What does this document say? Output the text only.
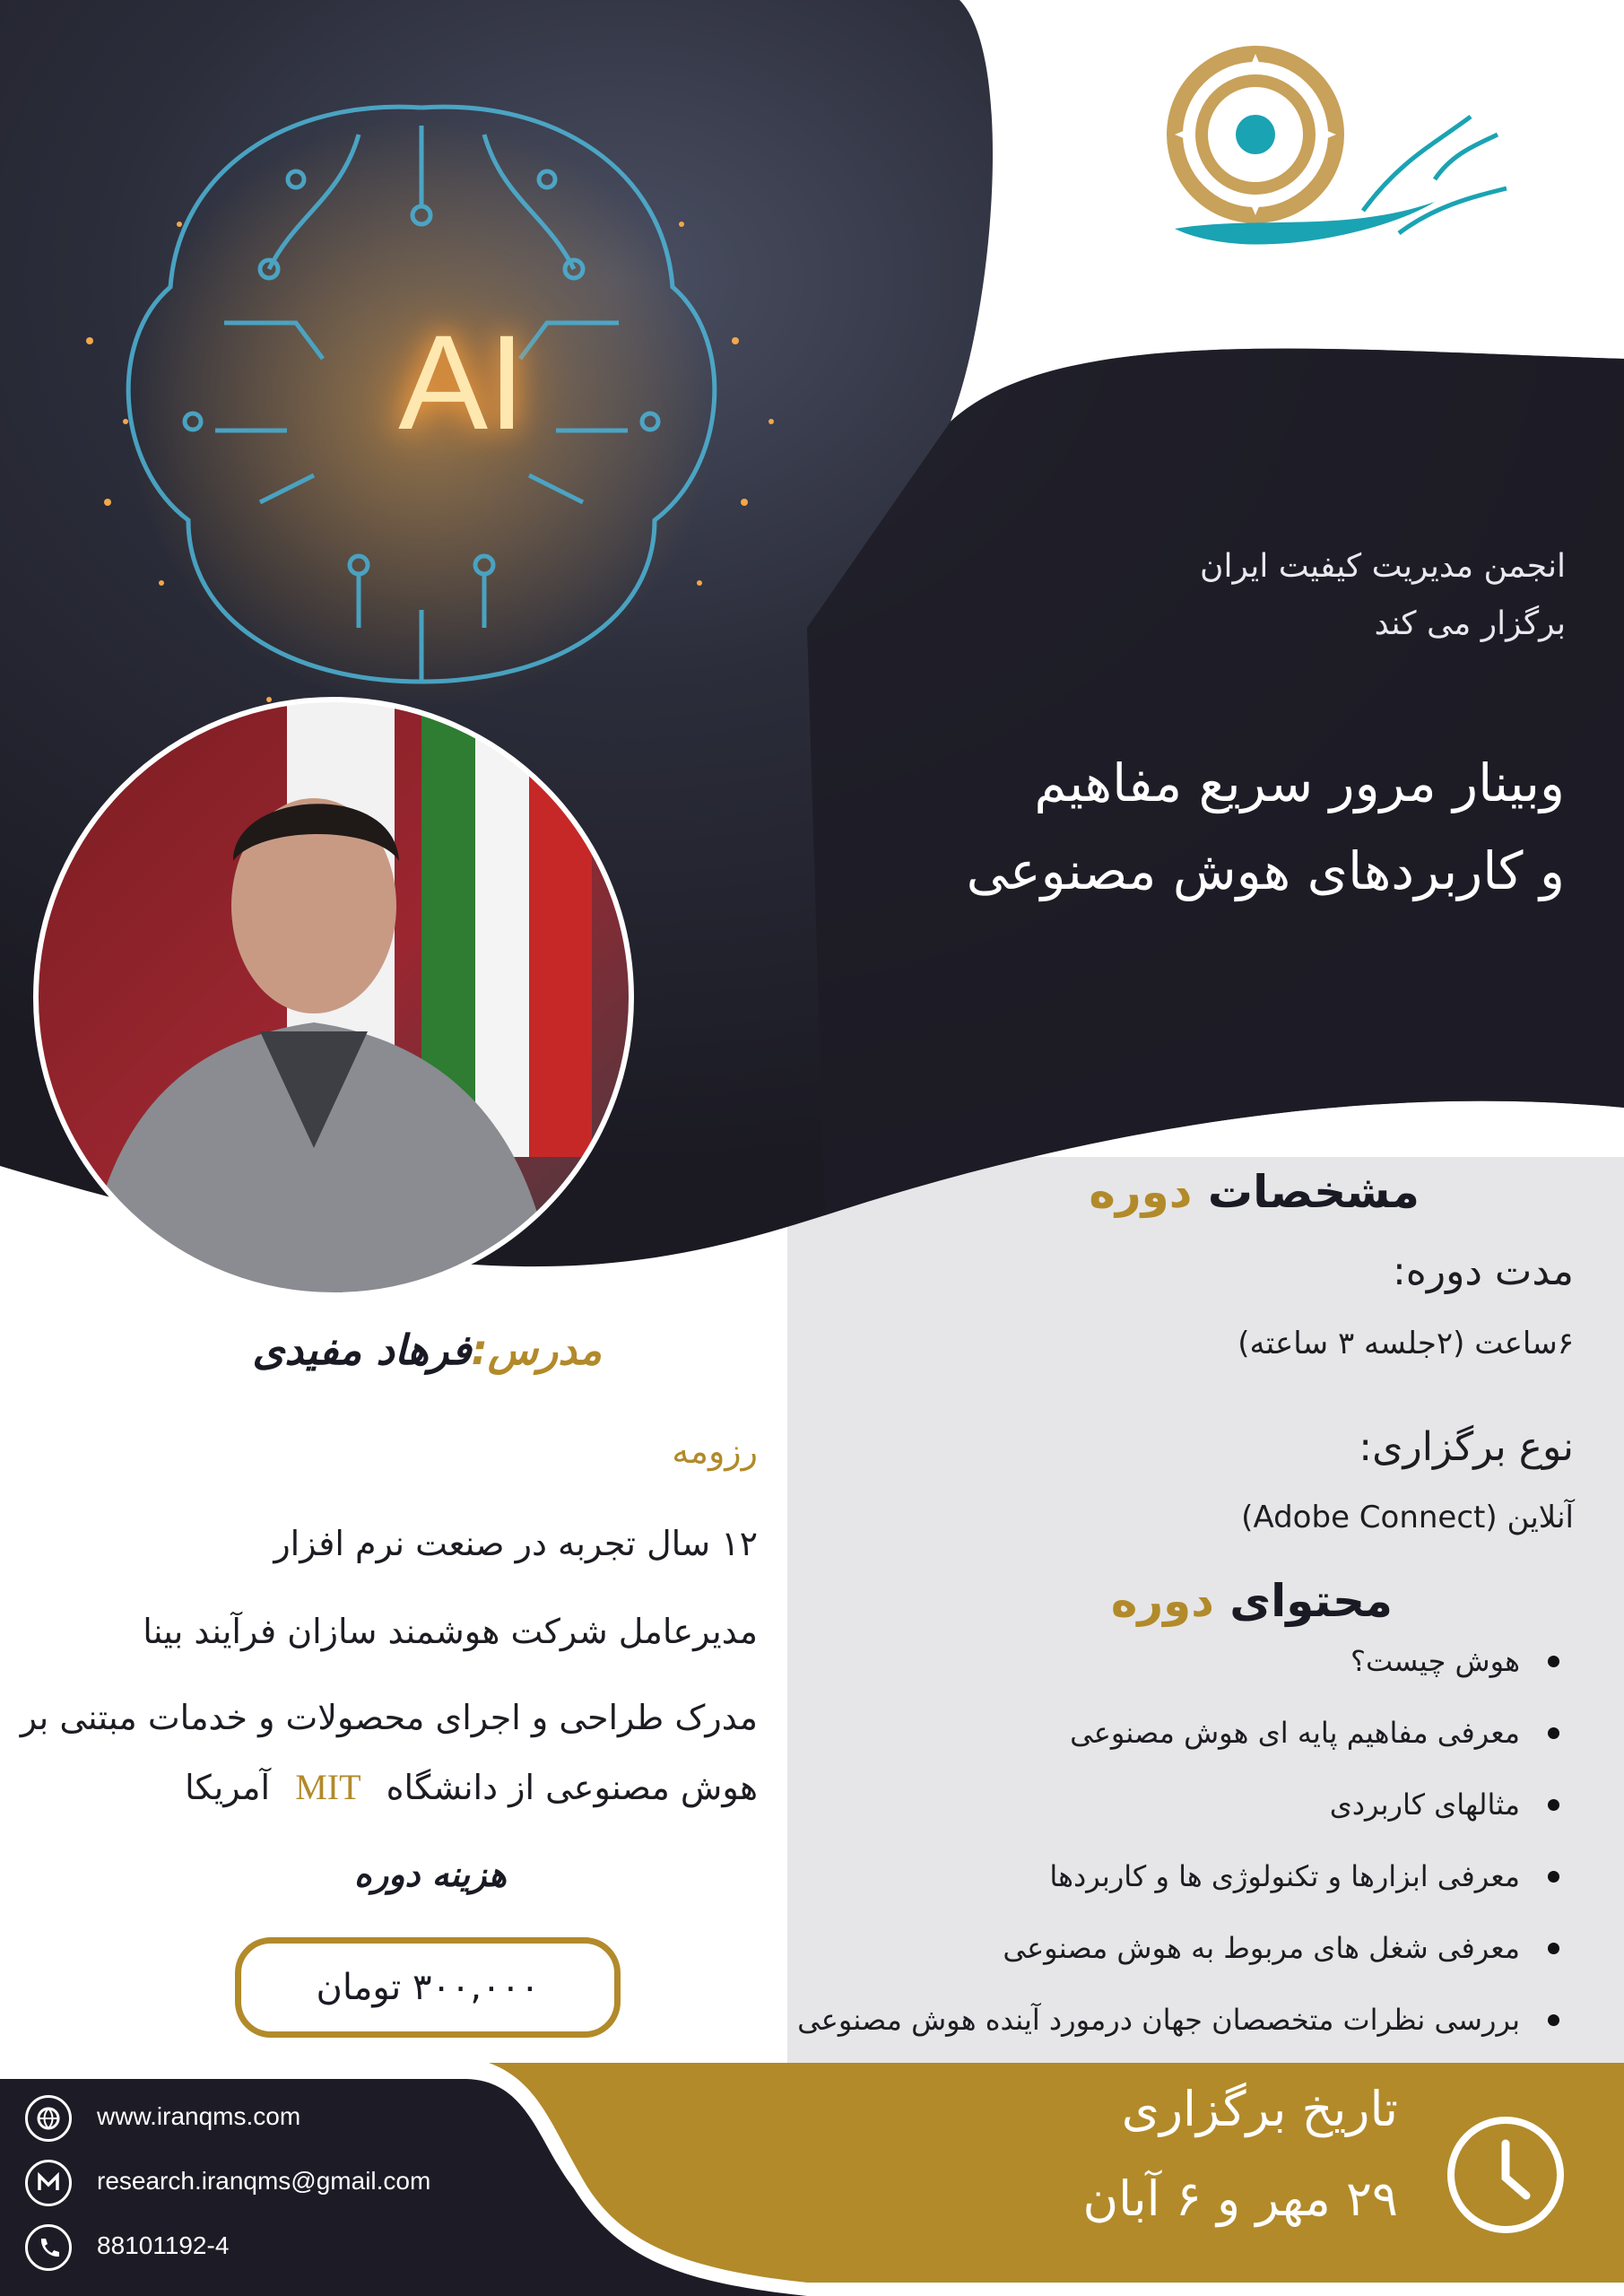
AI
انجمن مدیریت کیفیت ایران
برگزار می کند
وبینار مرور سریع مفاهیم
و کاربردهای هوش مصنوعی
مشخصات دوره
مدت دوره:
۶ساعت (۲جلسه ۳ ساعته)
نوع برگزاری:
آنلاین (Adobe Connect)
محتوای دوره
هوش چیست؟
معرفی مفاهیم پایه ای هوش مصنوعی
مثالهای کاربردی
معرفی ابزارها و تکنولوژی ها و کاربردها
معرفی شغل های مربوط به هوش مصنوعی
بررسی نظرات متخصصان جهان درمورد آینده هوش مصنوعی
مدرس:فرهاد مفیدی
رزومه
۱۲ سال تجربه در صنعت نرم افزار
مدیرعامل شرکت هوشمند سازان فرآیند بینا
مدرک طراحی و اجرای محصولات و خدمات مبتنی بر
هوش مصنوعی از دانشگاه MIT آمریکا
هزینه دوره
۳۰۰,۰۰۰ تومان
تاریخ برگزاری
۲۹ مهر و ۶ آبان
www.iranqms.com
research.iranqms@gmail.com
88101192-4
